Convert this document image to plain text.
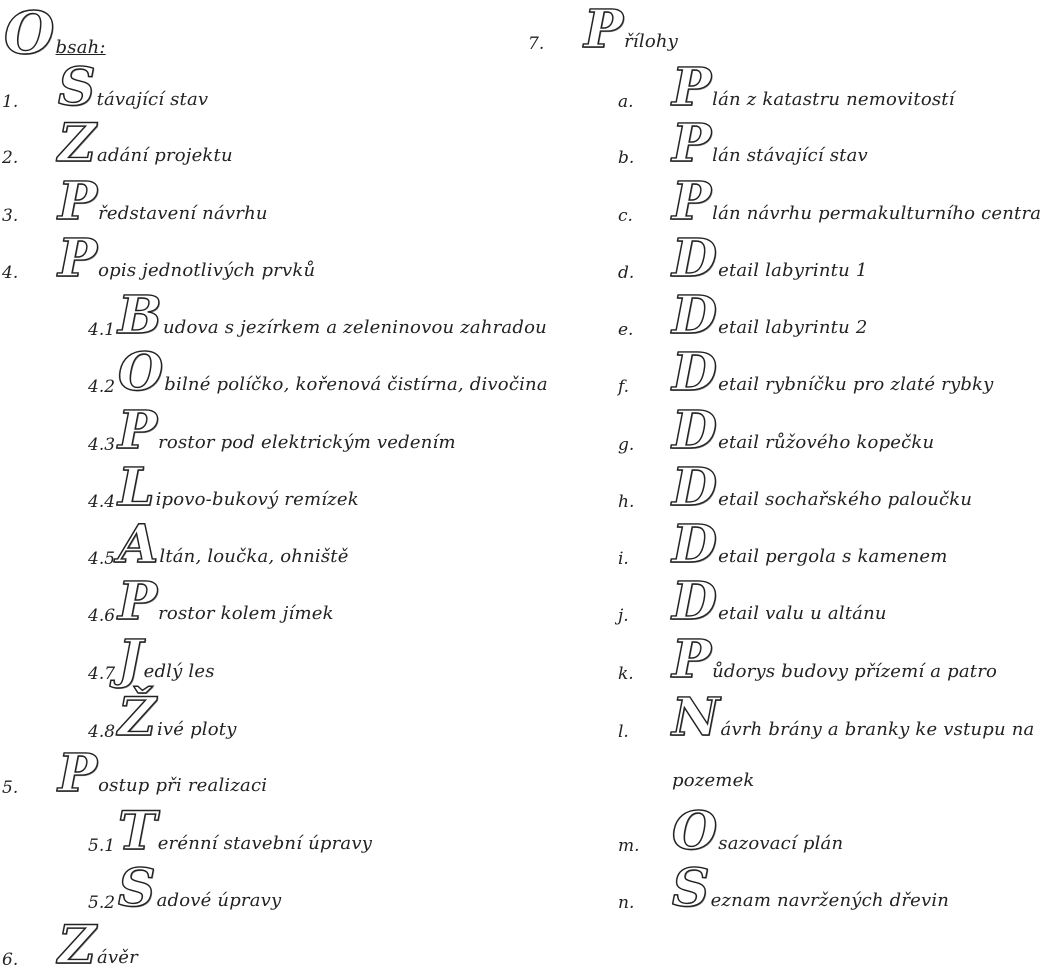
O bsah:
1. S távající stav
2. Z adání projektu
3. P ředstavení návrhu
4. P opis jednotlivých prvků
4.1 B udova s jezírkem a zeleninovou zahradou
4.2 O bilné políčko, kořenová čistírna, divočina
4.3 P rostor pod elektrickým vedením
4.4 L ipovo-bukový remízek
4.5 A ltán, loučka, ohniště
4.6 P rostor kolem jímek
4.7 J edlý les
4.8 Ž ivé ploty
5. P ostup při realizaci
5.1 T erénní stavební úpravy
5.2 S adové úpravy
6. Z ávěr
a. P lán z katastru nemovitostí
b. P lán stávající stav
c. P lán návrhu permakulturního centra
d. D etail labyrintu 1
e. D etail labyrintu 2
f. D etail rybníčku pro zlaté rybky
g. D etail růžového kopečku
h. D etail sochařského paloučku
i. D etail pergola s kamenem
j. D etail valu u altánu
k. P ůdorys budovy přízemí a patro
l. N ávrh brány a branky ke vstupu na
pozemek
m. O sazovací plán
n. S eznam navržených dřevin
7. P řílohy
